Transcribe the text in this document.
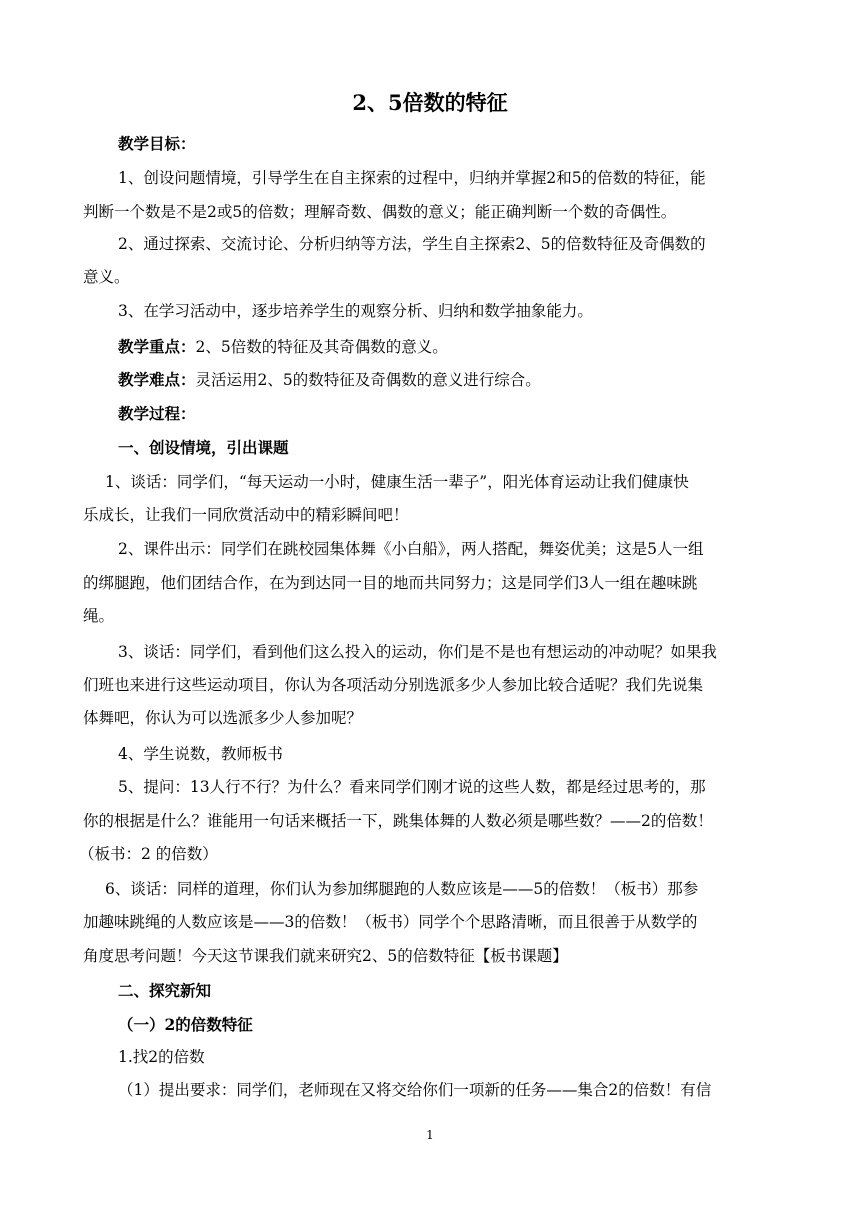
2、5倍数的特征
教学目标：
1、创设问题情境，引导学生在自主探索的过程中，归纳并掌握2和5的倍数的特征，能
判断一个数是不是2或5的倍数；理解奇数、偶数的意义；能正确判断一个数的奇偶性。
2、通过探索、交流讨论、分析归纳等方法，学生自主探索2、5的倍数特征及奇偶数的
意义。
3、在学习活动中，逐步培养学生的观察分析、归纳和数学抽象能力。
教学重点：2、5倍数的特征及其奇偶数的意义。
教学难点：灵活运用2、5的数特征及奇偶数的意义进行综合。
教学过程：
一、创设情境，引出课题
1、谈话：同学们，“每天运动一小时，健康生活一辈子”，阳光体育运动让我们健康快
乐成长，让我们一同欣赏活动中的精彩瞬间吧！
2、课件出示：同学们在跳校园集体舞《小白船》，两人搭配，舞姿优美；这是5人一组
的绑腿跑，他们团结合作，在为到达同一目的地而共同努力；这是同学们3人一组在趣味跳
绳。
3、谈话：同学们，看到他们这么投入的运动，你们是不是也有想运动的冲动呢？如果我
们班也来进行这些运动项目，你认为各项活动分别选派多少人参加比较合适呢？我们先说集
体舞吧，你认为可以选派多少人参加呢？
4、学生说数，教师板书
5、提问：13人行不行？为什么？看来同学们刚才说的这些人数，都是经过思考的，那
你的根据是什么？谁能用一句话来概括一下，跳集体舞的人数必须是哪些数？——2的倍数！
（板书：2 的倍数）
6、谈话：同样的道理，你们认为参加绑腿跑的人数应该是——5的倍数！（板书）那参
加趣味跳绳的人数应该是——3的倍数！（板书）同学个个思路清晰，而且很善于从数学的
角度思考问题！今天这节课我们就来研究2、5的倍数特征【板书课题】
二、探究新知
（一）2的倍数特征
1.找2的倍数
（1）提出要求：同学们，老师现在又将交给你们一项新的任务——集合2的倍数！有信
1
